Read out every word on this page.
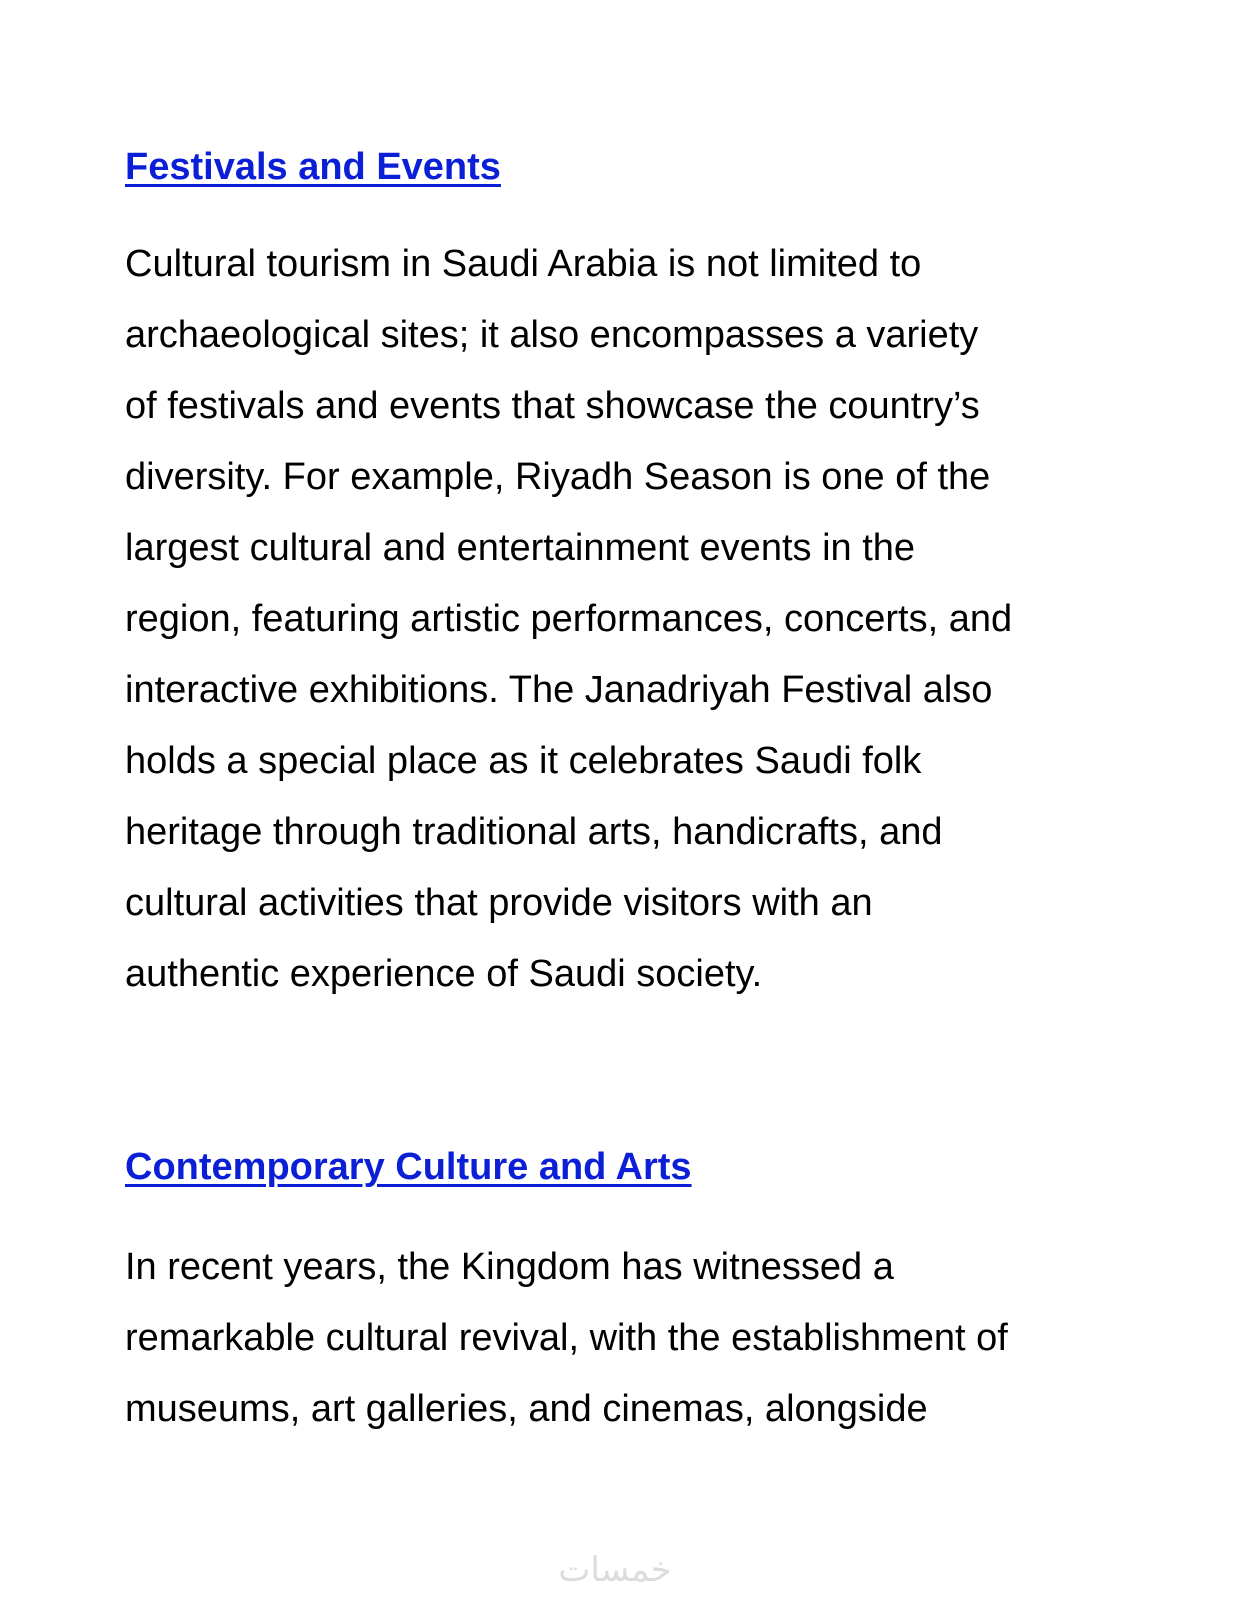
Festivals and Events

Cultural tourism in Saudi Arabia is not limited to
archaeological sites; it also encompasses a variety
of festivals and events that showcase the country’s
diversity. For example, Riyadh Season is one of the
largest cultural and entertainment events in the
region, featuring artistic performances, concerts, and
interactive exhibitions. The Janadriyah Festival also
holds a special place as it celebrates Saudi folk
heritage through traditional arts, handicrafts, and
cultural activities that provide visitors with an
authentic experience of Saudi society.

Contemporary Culture and Arts

In recent years, the Kingdom has witnessed a
remarkable cultural revival, with the establishment of
museums, art galleries, and cinemas, alongside

خمسات
